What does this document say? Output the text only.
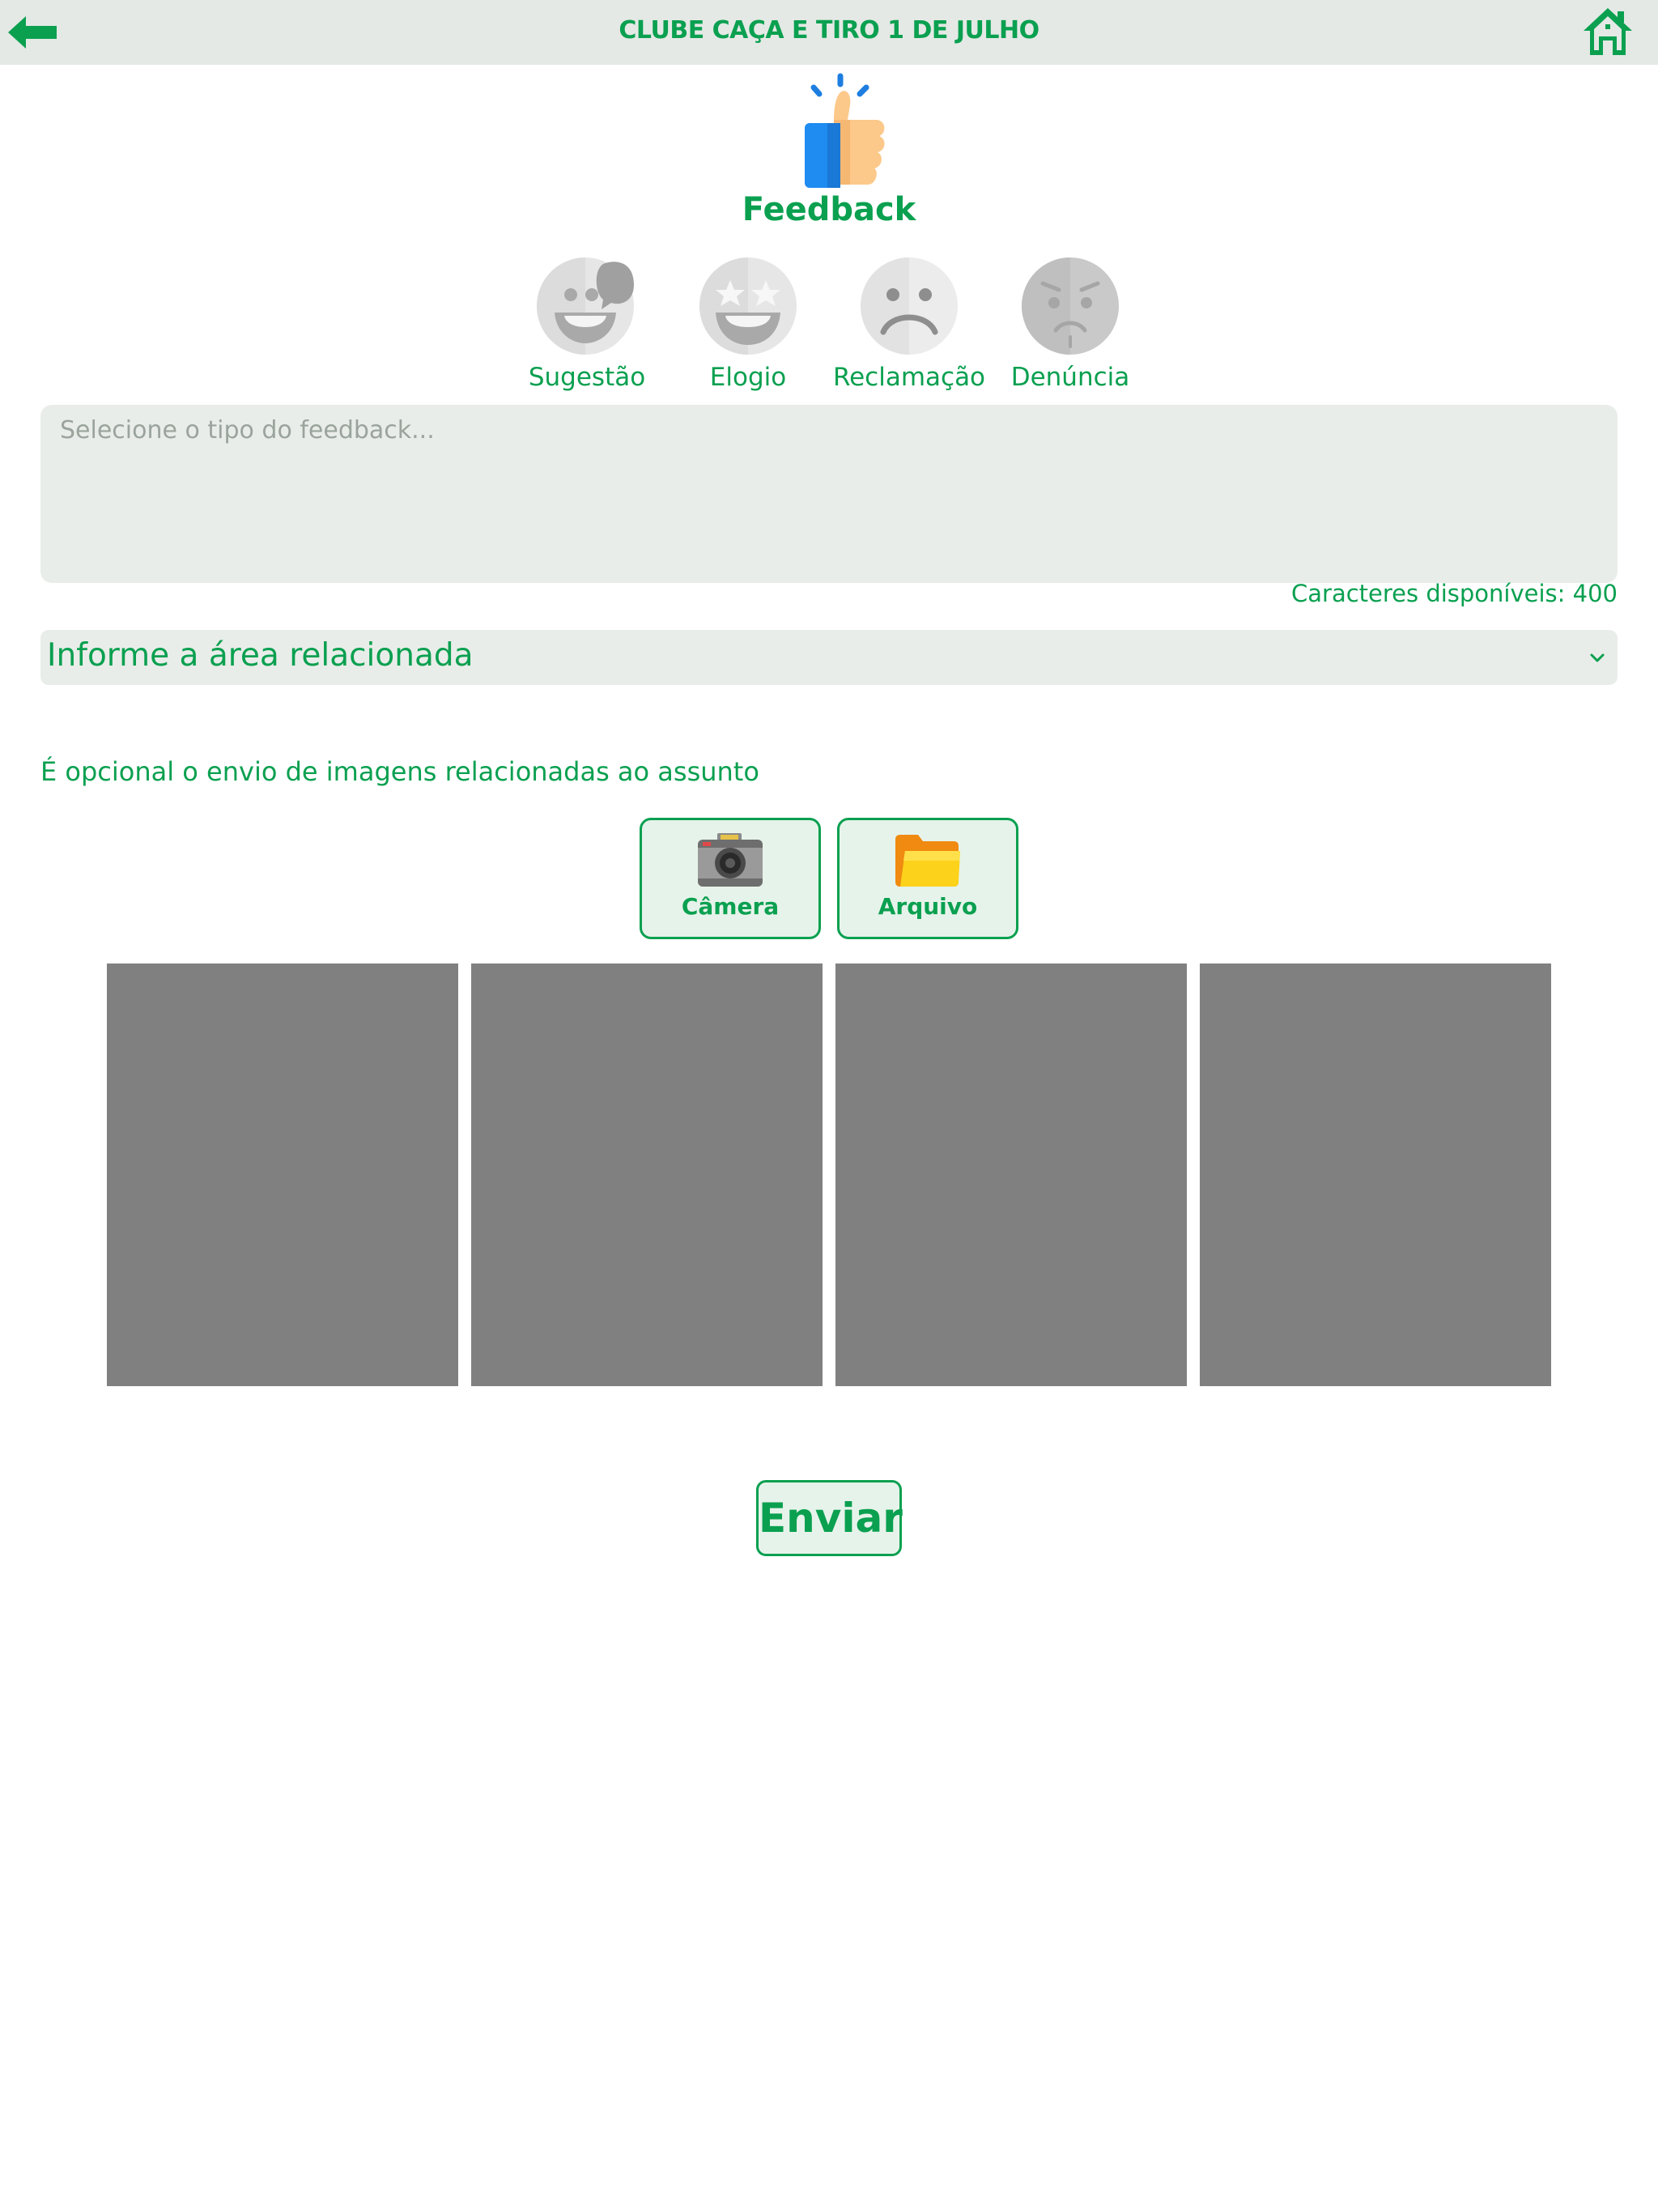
CLUBE CAÇA E TIRO 1 DE JULHO
Feedback
Sugestão	Elogio	Reclamação	Denúncia
Selecione o tipo do feedback...
Caracteres disponíveis: 400
Informe a área relacionada
É opcional o envio de imagens relacionadas ao assunto
Câmera	Arquivo
Enviar
